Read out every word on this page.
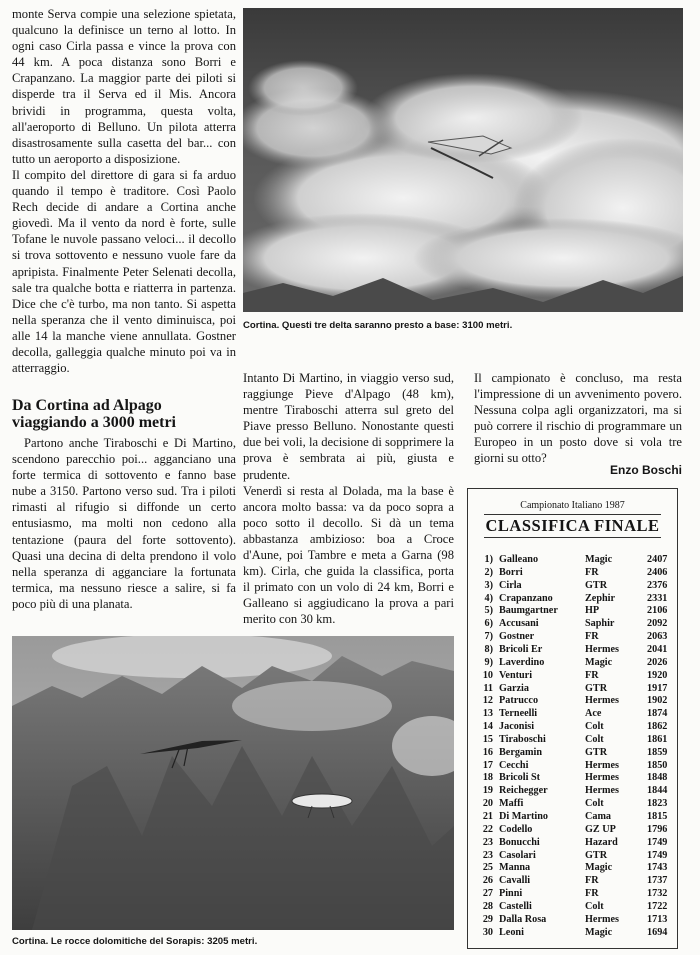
monte Serva compie una selezione spietata, qualcuno la definisce un terno al lotto. In ogni caso Cirla passa e vince la prova con 44 km. A poca distanza sono Borri e Crapanzano. La maggior parte dei piloti si disperde tra il Serva ed il Mis. Ancora brividi in programma, questa volta, all'aeroporto di Belluno. Un pilota atterra disastrosamente sulla casetta del bar... con tutto un aeroporto a disposizione.

Il compito del direttore di gara si fa arduo quando il tempo è traditore. Così Paolo Rech decide di andare a Cortina anche giovedì. Ma il vento da nord è forte, sulle Tofane le nuvole passano veloci... il decollo si trova sottovento e nessuno vuole fare da apripista. Finalmente Peter Selenati decolla, sale tra qualche botta e riatterra in partenza. Dice che c'è turbo, ma non tanto. Si aspetta nella speranza che il vento diminuisca, poi alle 14 la manche viene annullata. Gostner decolla, galleggia qualche minuto poi va in atterraggio.

Cortina. Questi tre delta saranno presto a base: 3100 metri.
Da Cortina ad Alpago
viaggiando a 3000 metri

Partono anche Tiraboschi e Di Martino, scendono parecchio poi... agganciano una forte termica di sottovento e fanno base nube a 3150. Partono verso sud. Tra i piloti rimasti al rifugio si diffonde un certo entusiasmo, ma molti non cedono alla tentazione (paura del forte sottovento). Quasi una decina di delta prendono il volo nella speranza di agganciare la fortunata termica, ma nessuno riesce a salire, si fa poco più di una planata.

Intanto Di Martino, in viaggio verso sud, raggiunge Pieve d'Alpago (48 km), mentre Tiraboschi atterra sul greto del Piave presso Belluno. Nonostante questi due bei voli, la decisione di sopprimere la prova è sembrata ai più, giusta e prudente.

Venerdì si resta al Dolada, ma la base è ancora molto bassa: va da poco sopra a poco sotto il decollo. Si dà un tema abbastanza ambizioso: boa a Croce d'Aune, poi Tambre e meta a Garna (98 km). Cirla, che guida la classifica, porta il primato con un volo di 24 km, Borri e Galleano si aggiudicano la prova a pari merito con 30 km.

Il campionato è concluso, ma resta l'impressione di un avvenimento povero. Nessuna colpa agli organizzatori, ma si può correre il rischio di programmare un Europeo in un posto dove si vola tre giorni su otto?

Enzo Boschi
Cortina. Le rocce dolomitiche del Sorapis: 3205 metri.
Campionato Italiano 1987
CLASSIFICA FINALE
1) Galleano	Magic	2407
2) Borri	FR	2406
3) Cirla	GTR	2376
4) Crapanzano	Zephir	2331
5) Baumgartner	HP	2106
6) Accusani	Saphir	2092
7) Gostner	FR	2063
8) Bricoli Er	Hermes	2041
9) Laverdino	Magic	2026
10 Venturi	FR	1920
11 Garzia	GTR	1917
12 Patrucco	Hermes	1902
13 Terneelli	Ace	1874
14 Jaconisi	Colt	1862
15 Tiraboschi	Colt	1861
16 Bergamin	GTR	1859
17 Cecchi	Hermes	1850
18 Bricoli St	Hermes	1848
19 Reichegger	Hermes	1844
20 Maffi	Colt	1823
21 Di Martino	Cama	1815
22 Codello	GZ UP	1796
23 Bonucchi	Hazard	1749
23 Casolari	GTR	1749
25 Manna	Magic	1743
26 Cavalli	FR	1737
27 Pinni	FR	1732
28 Castelli	Colt	1722
29 Dalla Rosa	Hermes	1713
30 Leoni	Magic	1694
